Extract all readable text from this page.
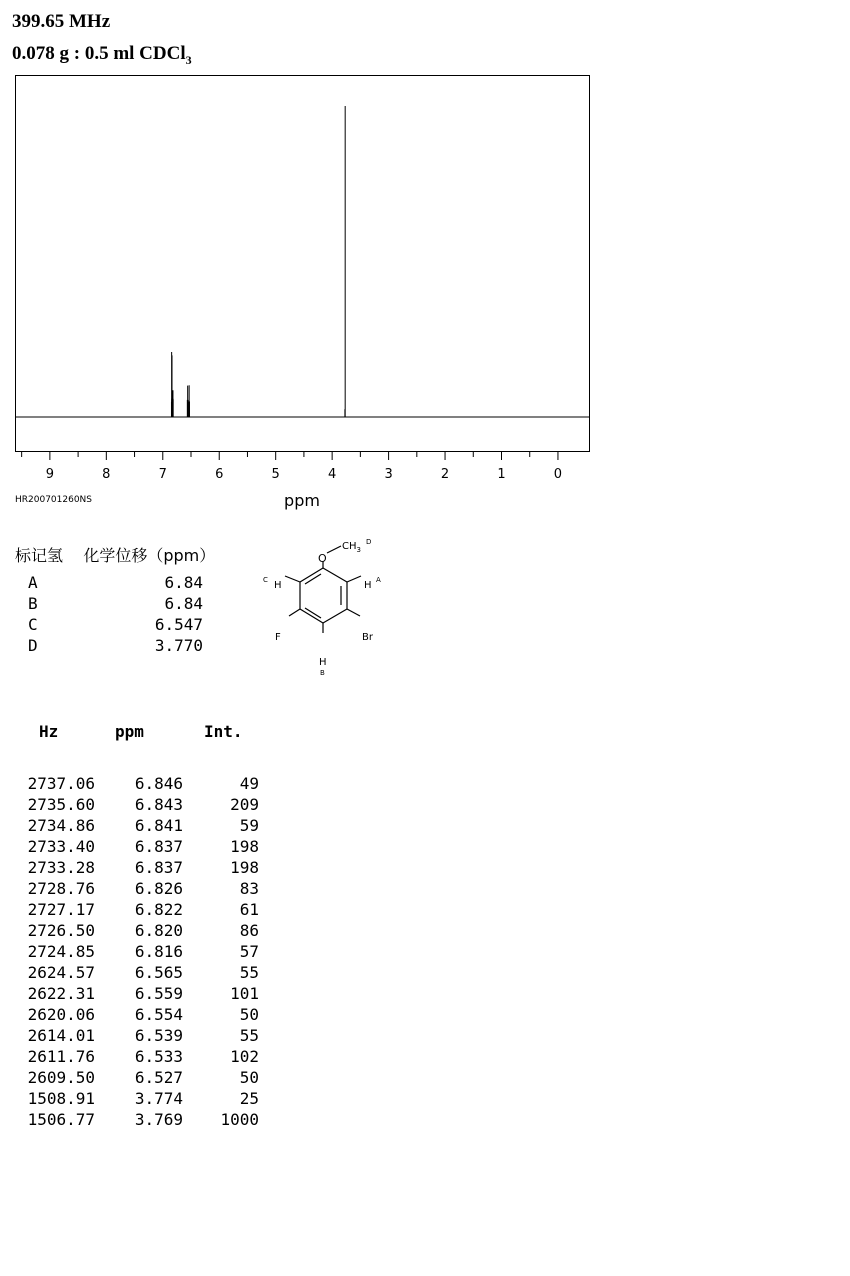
399.65 MHz
0.078 g : 0.5 ml CDCl$_3$
9	8	7	6	5	4	3	2	1	0
ppm
HR200701260NS
标记氢 化学位移（ppm）
A	6.84
B	6.84
C	6.547
D	3.770
O
$CH_3$
D
H A
H
C
F	Br
H
B
Hz	ppm	Int.
2737.06	6.846	49
2735.60	6.843	209
2734.86	6.841	59
2733.40	6.837	198
2733.28	6.837	198
2728.76	6.826	83
2727.17	6.822	61
2726.50	6.820	86
2724.85	6.816	57
2624.57	6.565	55
2622.31	6.559	101
2620.06	6.554	50
2614.01	6.539	55
2611.76	6.533	102
2609.50	6.527	50
1508.91	3.774	25
1506.77	3.769	1000
